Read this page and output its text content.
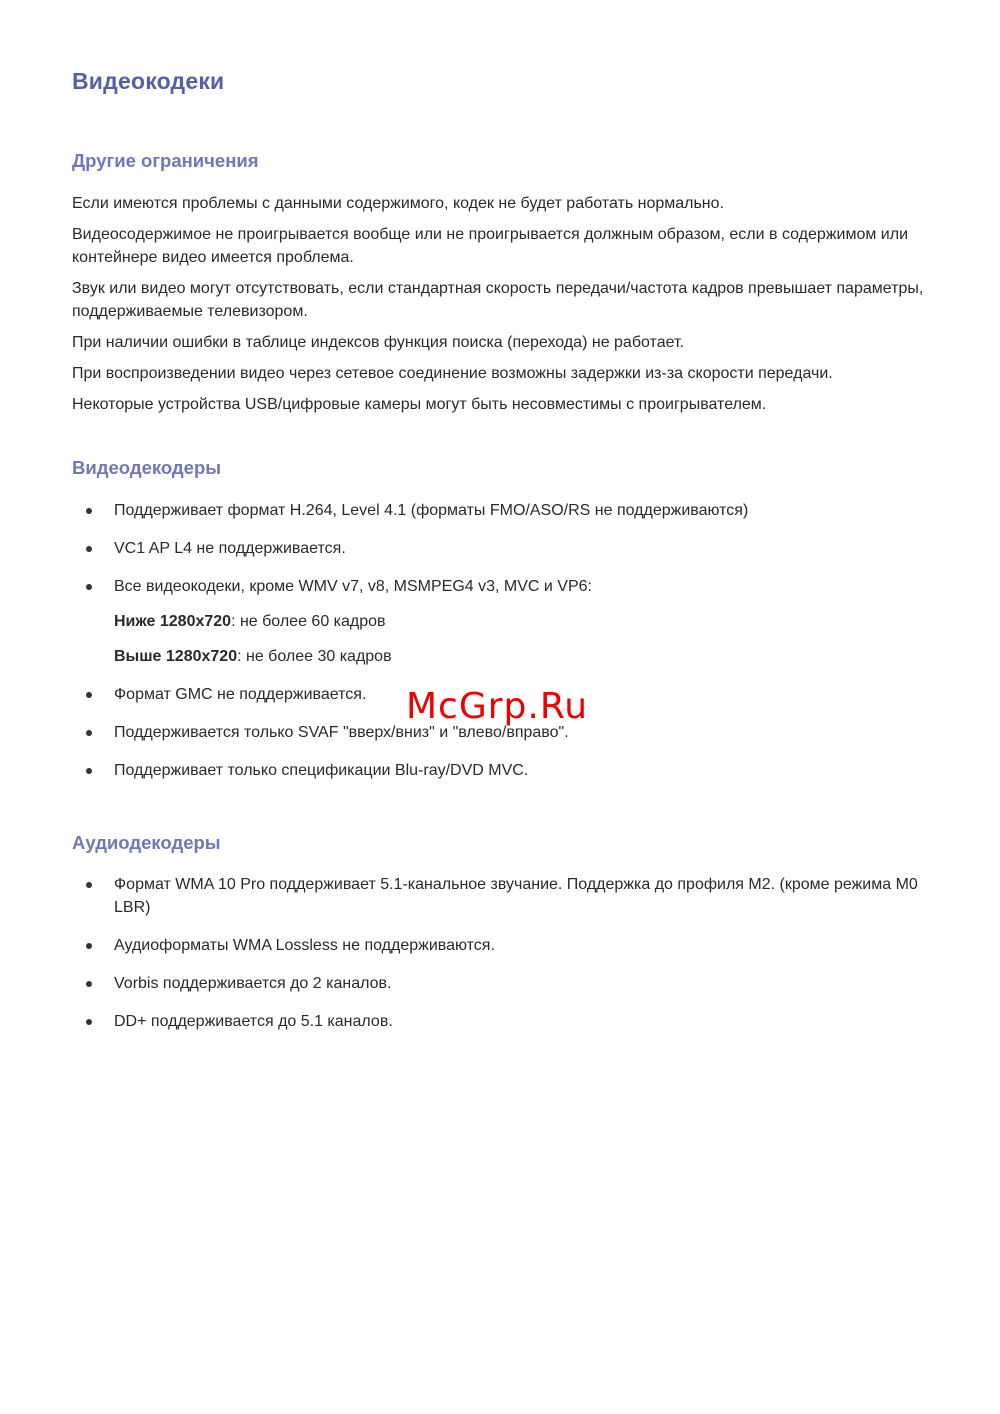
Видеокодеки
Другие ограничения

Если имеются проблемы с данными содержимого, кодек не будет работать нормально.

Видеосодержимое не проигрывается вообще или не проигрывается должным образом, если в содержимом или контейнере видео имеется проблема.

Звук или видео могут отсутствовать, если стандартная скорость передачи/частота кадров превышает параметры, поддерживаемые телевизором.

При наличии ошибки в таблице индексов функция поиска (перехода) не работает.

При воспроизведении видео через сетевое соединение возможны задержки из-за скорости передачи.

Некоторые устройства USB/цифровые камеры могут быть несовместимы с проигрывателем.

Видеодекодеры
Поддерживает формат H.264, Level 4.1 (форматы FMO/ASO/RS не поддерживаются)
VC1 AP L4 не поддерживается.
Все видеокодеки, кроме WMV v7, v8, MSMPEG4 v3, MVC и VP6:
Ниже 1280x720: не более 60 кадров
Выше 1280x720: не более 30 кадров
Формат GMC не поддерживается.
Поддерживается только SVAF "вверх/вниз" и "влево/вправо".
Поддерживает только спецификации Blu-ray/DVD MVC.
Аудиодекодеры
Формат WMA 10 Pro поддерживает 5.1-канальное звучание. Поддержка до профиля M2. (кроме режима M0 LBR)
Аудиоформаты WMA Lossless не поддерживаются.
Vorbis поддерживается до 2 каналов.
DD+ поддерживается до 5.1 каналов.
McGrp.Ru
